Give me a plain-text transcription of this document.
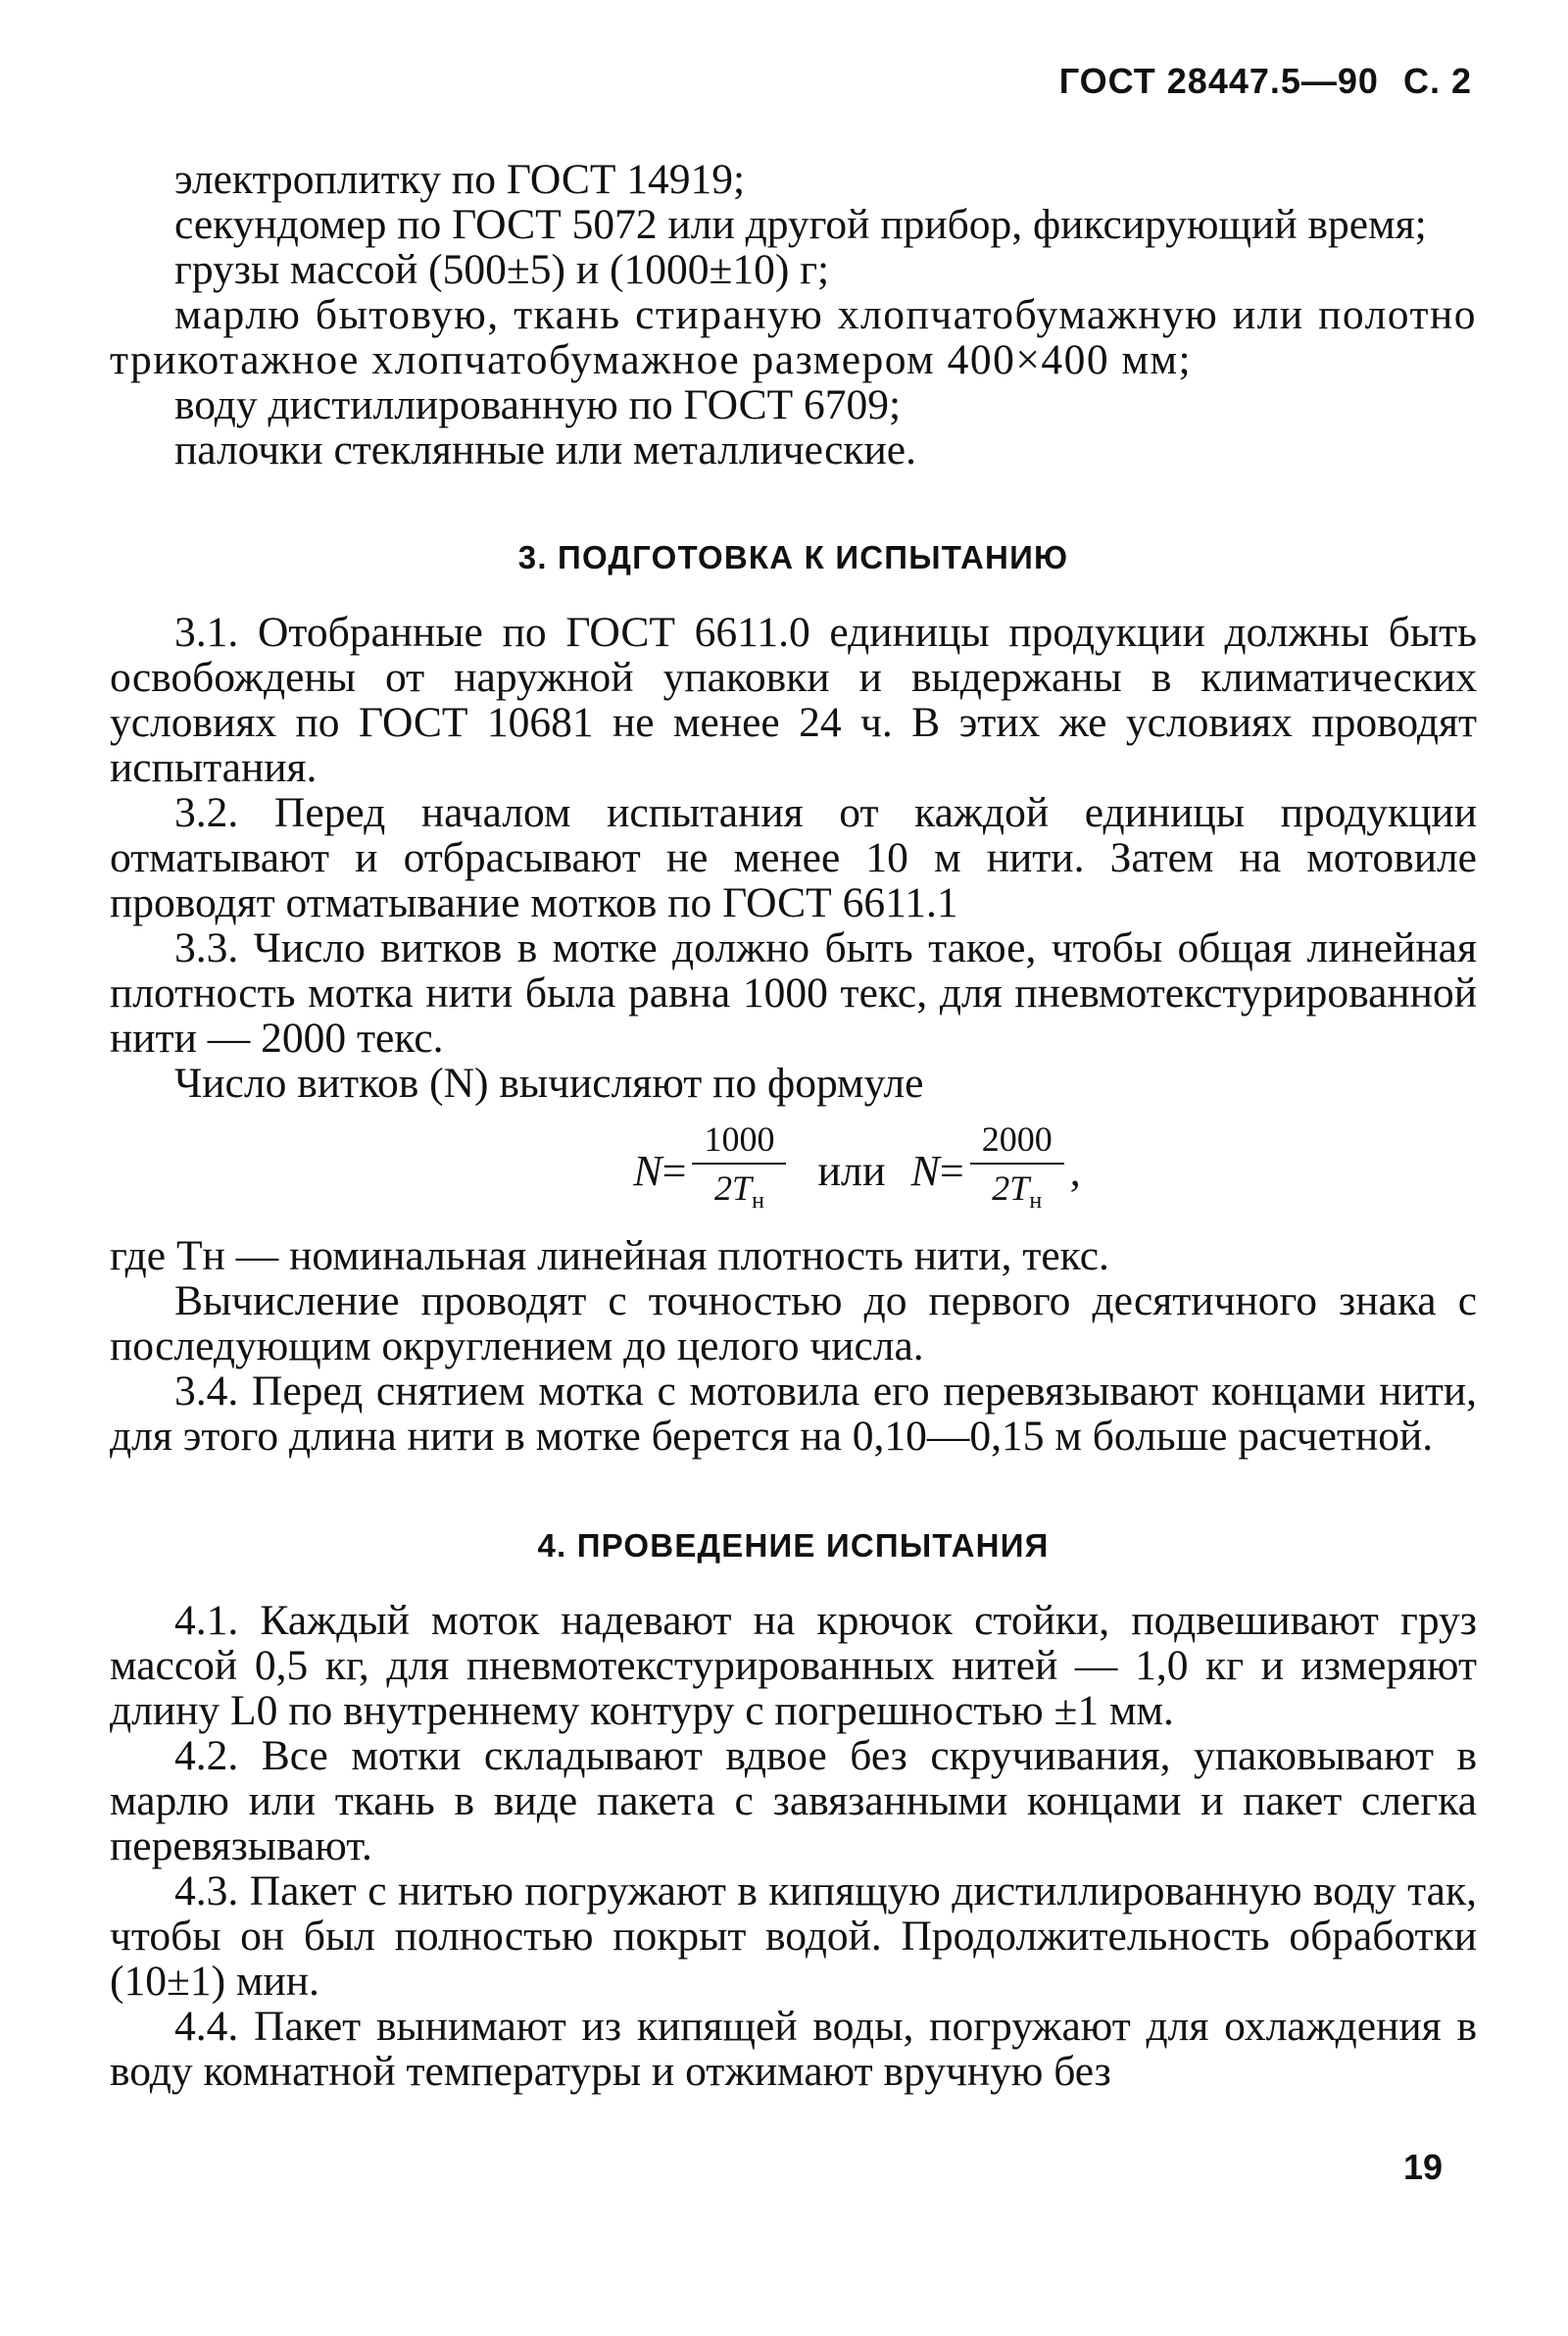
ГОСТ 28447.5—90 С. 2

электроплитку по ГОСТ 14919;

секундомер по ГОСТ 5072 или другой прибор, фиксирующий время;

грузы массой (500±5) и (1000±10) г;

марлю бытовую, ткань стираную хлопчатобумажную или полотно трикотажное хлопчатобумажное размером 400×400 мм;

воду дистиллированную по ГОСТ 6709;

палочки стеклянные или металлические.

3. ПОДГОТОВКА К ИСПЫТАНИЮ

3.1. Отобранные по ГОСТ 6611.0 единицы продукции должны быть освобождены от наружной упаковки и выдержаны в климатических условиях по ГОСТ 10681 не менее 24 ч. В этих же условиях проводят испытания.

3.2. Перед началом испытания от каждой единицы продукции отматывают и отбрасывают не менее 10 м нити. Затем на мотовиле проводят отматывание мотков по ГОСТ 6611.1

3.3. Число витков в мотке должно быть такое, чтобы общая линейная плотность мотка нити была равна 1000 текс, для пневмотекстурированной нити — 2000 текс.

Число витков (N) вычисляют по формуле

$N = \frac{1000}{2T_н}$ или $N = \frac{2000}{2T_н}$ ,

где Тн — номинальная линейная плотность нити, текс.

Вычисление проводят с точностью до первого десятичного знака с последующим округлением до целого числа.

3.4. Перед снятием мотка с мотовила его перевязывают концами нити, для этого длина нити в мотке берется на 0,10—0,15 м больше расчетной.

4. ПРОВЕДЕНИЕ ИСПЫТАНИЯ

4.1. Каждый моток надевают на крючок стойки, подвешивают груз массой 0,5 кг, для пневмотекстурированных нитей — 1,0 кг и измеряют длину L0 по внутреннему контуру с погрешностью ±1 мм.

4.2. Все мотки складывают вдвое без скручивания, упаковывают в марлю или ткань в виде пакета с завязанными концами и пакет слегка перевязывают.

4.3. Пакет с нитью погружают в кипящую дистиллированную воду так, чтобы он был полностью покрыт водой. Продолжительность обработки (10±1) мин.

4.4. Пакет вынимают из кипящей воды, погружают для охлаждения в воду комнатной температуры и отжимают вручную без

19
